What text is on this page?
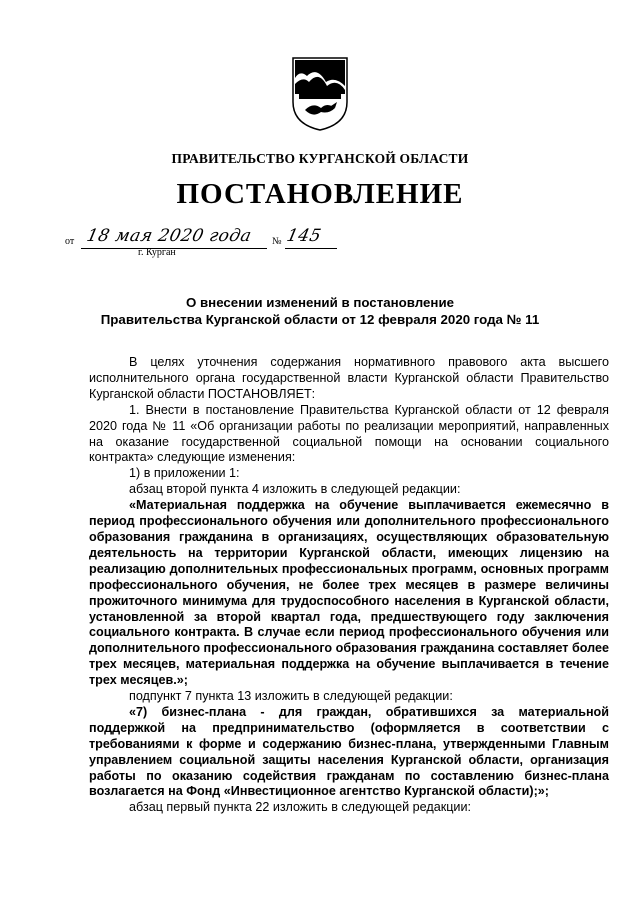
ПРАВИТЕЛЬСТВО КУРГАНСКОЙ ОБЛАСТИ
ПОСТАНОВЛЕНИЕ
от 18 мая 2020 года № 145
г. Курган
О внесении изменений в постановление
Правительства Курганской области от 12 февраля 2020 года № 11

В целях уточнения содержания нормативного правового акта высшего исполнительного органа государственной власти Курганской области Правительство Курганской области ПОСТАНОВЛЯЕТ:

1. Внести в постановление Правительства Курганской области от 12 февраля 2020 года № 11 «Об организации работы по реализации мероприятий, направленных на оказание государственной социальной помощи на основании социального контракта» следующие изменения:

1) в приложении 1:

абзац второй пункта 4 изложить в следующей редакции:

«Материальная поддержка на обучение выплачивается ежемесячно в период профессионального обучения или дополнительного профессионального образования гражданина в организациях, осуществляющих образовательную деятельность на территории Курганской области, имеющих лицензию на реализацию дополнительных профессиональных программ, основных программ профессионального обучения, не более трех месяцев в размере величины прожиточного минимума для трудоспособного населения в Курганской области, установленной за второй квартал года, предшествующего году заключения социального контракта. В случае если период профессионального обучения или дополнительного профессионального образования гражданина составляет более трех месяцев, материальная поддержка на обучение выплачивается в течение трех месяцев.»;

подпункт 7 пункта 13 изложить в следующей редакции:

«7) бизнес-плана - для граждан, обратившихся за материальной поддержкой на предпринимательство (оформляется в соответствии с требованиями к форме и содержанию бизнес-плана, утвержденными Главным управлением социальной защиты населения Курганской области, организация работы по оказанию содействия гражданам по составлению бизнес-плана возлагается на Фонд «Инвестиционное агентство Курганской области);»;

абзац первый пункта 22 изложить в следующей редакции:
